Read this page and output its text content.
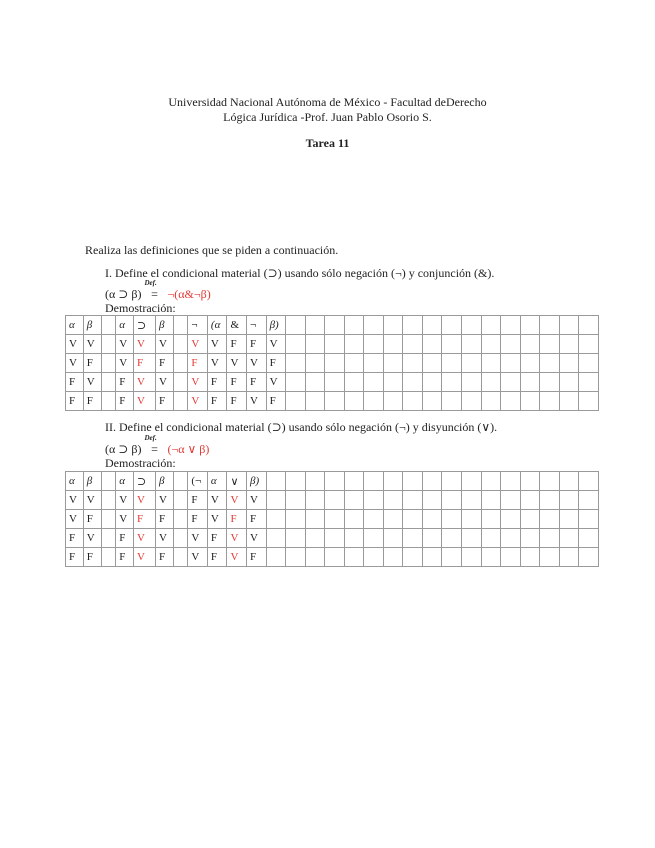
Universidad Nacional Autónoma de México - Facultad deDerecho
Lógica Jurídica -Prof. Juan Pablo Osorio S.
Tarea 11
Realiza las definiciones que se piden a continuación.
I. Define el condicional material (⊃) usando sólo negación (¬) y conjunción (&).
(α ⊃ β)
Def.
= ¬(α&¬β)
Demostración:
α	β		α	⊃	β		¬	(α	&	¬	β)																
V	V		V	V	V		V	V	F	F	V																
V	F		V	F	F		F	V	V	V	F																
F	V		F	V	V		V	F	F	F	V																
F	F		F	V	F		V	F	F	V	F																
II. Define el condicional material (⊃) usando sólo negación (¬) y disyunción (∨).
(α ⊃ β)
Def.
= (¬α ∨ β)
Demostración:
α	β		α	⊃	β		(¬	α	∨	β)																	
V	V		V	V	V		F	V	V	V																	
V	F		V	F	F		F	V	F	F																	
F	V		F	V	V		V	F	V	V																	
F	F		F	V	F		V	F	V	F																	
